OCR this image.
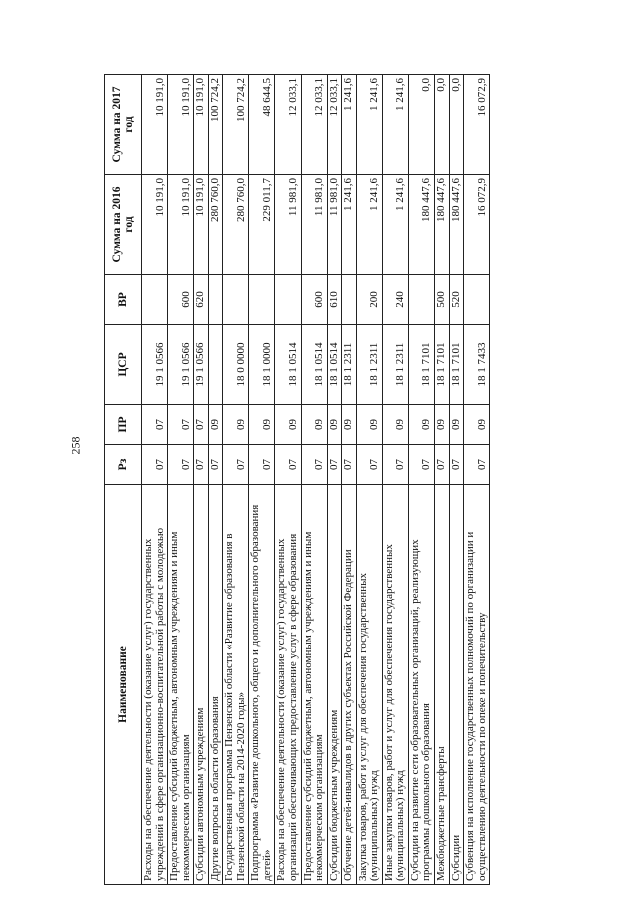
258
Наименование	Рз	ПР	ЦСР	ВР	Сумма на 2016 год	Сумма на 2017 год
Расходы на обеспечение деятельности (оказание услуг) государственных учреждений в сфере организационно-воспитательной работы с молодежью	07	07	19 1 0566		10 191,0	10 191,0
Предоставление субсидий бюджетным, автономным учреждениям и иным некоммерческим организациям	07	07	19 1 0566	600	10 191,0	10 191,0
Субсидии автономным учреждениям	07	07	19 1 0566	620	10 191,0	10 191,0
Другие вопросы в области образования	07	09			280 760,0	100 724,2
Государственная программа Пензенской области «Развитие образования в Пензенской области на 2014-2020 годы»	07	09	18 0 0000		280 760,0	100 724,2
Подпрограмма «Развитие дошкольного, общего и дополнительного образования детей»	07	09	18 1 0000		229 011,7	48 644,5
Расходы на обеспечение деятельности (оказание услуг) государственных организаций обеспечивающих предоставление услуг в сфере образования	07	09	18 1 0514		11 981,0	12 033,1
Предоставление субсидий бюджетным, автономным учреждениям и иным некоммерческим организациям	07	09	18 1 0514	600	11 981,0	12 033,1
Субсидии бюджетным учреждениям	07	09	18 1 0514	610	11 981,0	12 033,1
Обучение детей-инвалидов в других субъектах Российской Федерации	07	09	18 1 2311		1 241,6	1 241,6
Закупка товаров, работ и услуг для обеспечения государственных (муниципальных) нужд	07	09	18 1 2311	200	1 241,6	1 241,6
Иные закупки товаров, работ и услуг для обеспечения государственных (муниципальных) нужд	07	09	18 1 2311	240	1 241,6	1 241,6
Субсидии на развитие сети образовательных организаций, реализующих программы дошкольного образования	07	09	18 1 7101		180 447,6	0,0
Межбюджетные трансферты	07	09	18 1 7101	500	180 447,6	0,0
Субсидии	07	09	18 1 7101	520	180 447,6	0,0
Субвенция на исполнение государственных полномочий по организации и осуществлению деятельности по опеке и попечительству	07	09	18 1 7433		16 072,9	16 072,9
